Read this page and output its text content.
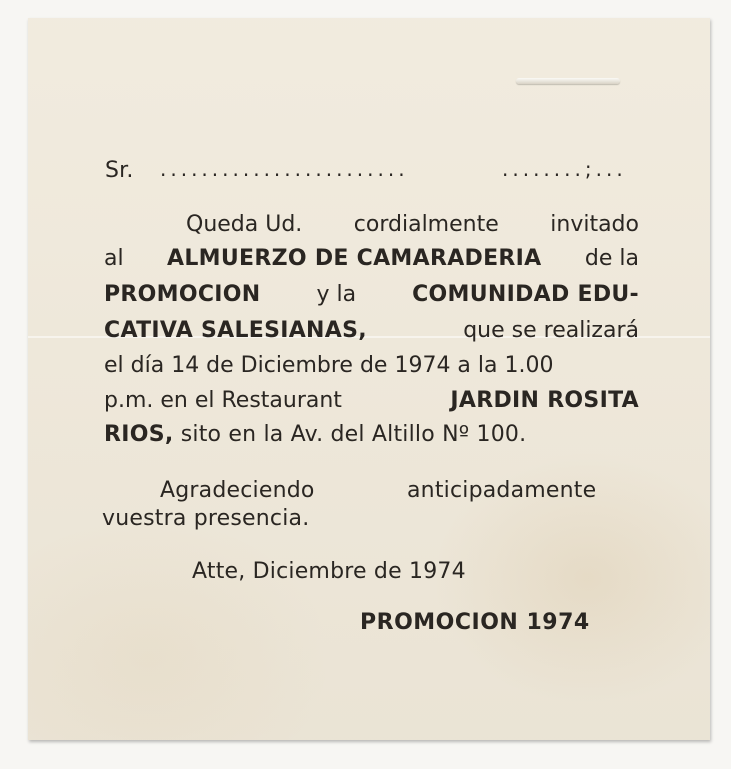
Sr. ........................	........;...
Queda Ud. cordialmente invitado
al ALMUERZO DE CAMARADERIA de la
PROMOCION	y la	COMUNIDAD EDU-
CATIVA SALESIANAS,	que se realizará
el día 14 de Diciembre de 1974 a la 1.00
p.m. en el Restaurant	JARDIN ROSITA
RIOS, sito en la Av. del Altillo Nº 100.
Agradeciendo	anticipadamente
vuestra presencia.
Atte, Diciembre de 1974
PROMOCION 1974
